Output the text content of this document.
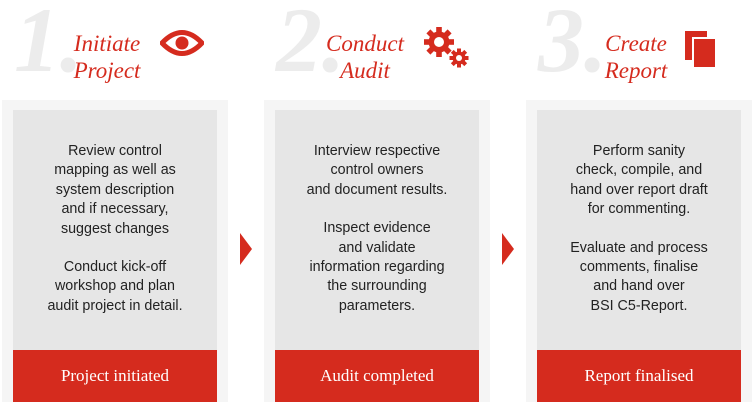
1.
Initiate
Project

Review control
mapping as well as
system description
and if necessary,
suggest changes

Conduct kick-off
workshop and plan
audit project in detail.

Project initiated
2.
Conduct
Audit

Interview respective
control owners
and document results.

Inspect evidence
and validate
information regarding
the surrounding
parameters.

Audit completed
3.
Create
Report

Perform sanity
check, compile, and
hand over report draft
for commenting.

Evaluate and process
comments, finalise
and hand over
BSI C5-Report.

Report finalised
